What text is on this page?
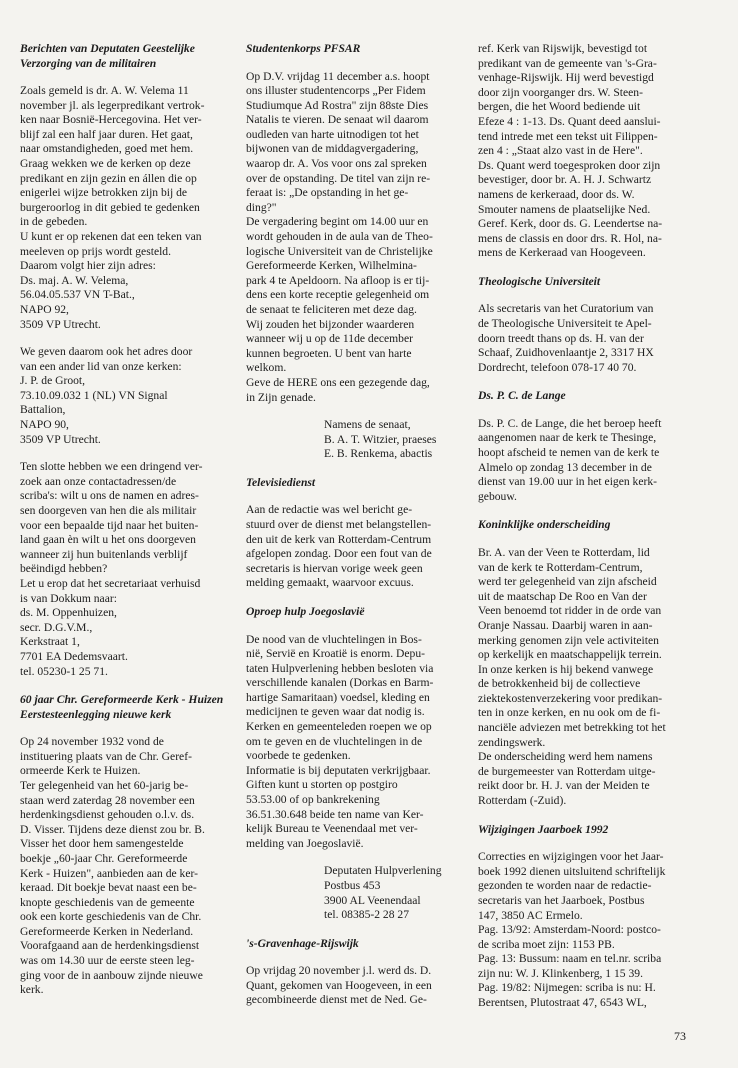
Berichten van Deputaten Geestelijke Verzorging van de militairen

Zoals gemeld is dr. A. W. Velema 11
november jl. als legerpredikant vertrok-
ken naar Bosnië-Hercegovina. Het ver-
blijf zal een half jaar duren. Het gaat,
naar omstandigheden, goed met hem.
Graag wekken we de kerken op deze
predikant en zijn gezin en állen die op
enigerlei wijze betrokken zijn bij de
burgeroorlog in dit gebied te gedenken
in de gebeden.
U kunt er op rekenen dat een teken van
meeleven op prijs wordt gesteld.
Daarom volgt hier zijn adres:
Ds. maj. A. W. Velema,
56.04.05.537 VN T-Bat.,
NAPO 92,
3509 VP Utrecht.

We geven daarom ook het adres door
van een ander lid van onze kerken:
J. P. de Groot,
73.10.09.032 1 (NL) VN Signal
Battalion,
NAPO 90,
3509 VP Utrecht.

Ten slotte hebben we een dringend ver-
zoek aan onze contactadressen/de
scriba's: wilt u ons de namen en adres-
sen doorgeven van hen die als militair
voor een bepaalde tijd naar het buiten-
land gaan èn wilt u het ons doorgeven
wanneer zij hun buitenlands verblijf
beëindigd hebben?
Let u erop dat het secretariaat verhuisd
is van Dokkum naar:
ds. M. Oppenhuizen,
secr. D.G.V.M.,
Kerkstraat 1,
7701 EA Dedemsvaart.
tel. 05230-1 25 71.

60 jaar Chr. Gereformeerde Kerk - Huizen Eerstesteenlegging nieuwe kerk

Op 24 november 1932 vond de
instituering plaats van de Chr. Geref-
ormeerde Kerk te Huizen.
Ter gelegenheid van het 60-jarig be-
staan werd zaterdag 28 november een
herdenkingsdienst gehouden o.l.v. ds.
D. Visser. Tijdens deze dienst zou br. B.
Visser het door hem samengestelde
boekje „60-jaar Chr. Gereformeerde
Kerk - Huizen", aanbieden aan de ker-
keraad. Dit boekje bevat naast een be-
knopte geschiedenis van de gemeente
ook een korte geschiedenis van de Chr.
Gereformeerde Kerken in Nederland.
Voorafgaand aan de herdenkingsdienst
was om 14.30 uur de eerste steen leg-
ging voor de in aanbouw zijnde nieuwe
kerk.

Studentenkorps PFSAR

Op D.V. vrijdag 11 december a.s. hoopt
ons illuster studentencorps „Per Fidem
Studiumque Ad Rostra" zijn 88ste Dies
Natalis te vieren. De senaat wil daarom
oudleden van harte uitnodigen tot het
bijwonen van de middagvergadering,
waarop dr. A. Vos voor ons zal spreken
over de opstanding. De titel van zijn re-
feraat is: „De opstanding in het ge-
ding?"
De vergadering begint om 14.00 uur en
wordt gehouden in de aula van de Theo-
logische Universiteit van de Christelijke
Gereformeerde Kerken, Wilhelmina-
park 4 te Apeldoorn. Na afloop is er tij-
dens een korte receptie gelegenheid om
de senaat te feliciteren met deze dag.
Wij zouden het bijzonder waarderen
wanneer wij u op de 11de december
kunnen begroeten. U bent van harte
welkom.
Geve de HERE ons een gezegende dag,
in Zijn genade.

Namens de senaat,
B. A. T. Witzier, praeses
E. B. Renkema, abactis

Televisiedienst

Aan de redactie was wel bericht ge-
stuurd over de dienst met belangstellen-
den uit de kerk van Rotterdam-Centrum
afgelopen zondag. Door een fout van de
secretaris is hiervan vorige week geen
melding gemaakt, waarvoor excuus.

Oproep hulp Joegoslavië

De nood van de vluchtelingen in Bos-
nië, Servië en Kroatië is enorm. Depu-
taten Hulpverlening hebben besloten via
verschillende kanalen (Dorkas en Barm-
hartige Samaritaan) voedsel, kleding en
medicijnen te geven waar dat nodig is.
Kerken en gemeenteleden roepen we op
om te geven en de vluchtelingen in de
voorbede te gedenken.
Informatie is bij deputaten verkrijgbaar.
Giften kunt u storten op postgiro
53.53.00 of op bankrekening
36.51.30.648 beide ten name van Ker-
kelijk Bureau te Veenendaal met ver-
melding van Joegoslavië.

Deputaten Hulpverlening
Postbus 453
3900 AL Veenendaal
tel. 08385-2 28 27

's-Gravenhage-Rijswijk

Op vrijdag 20 november j.l. werd ds. D.
Quant, gekomen van Hoogeveen, in een
gecombineerde dienst met de Ned. Ge-

ref. Kerk van Rijswijk, bevestigd tot
predikant van de gemeente van 's-Gra-
venhage-Rijswijk. Hij werd bevestigd
door zijn voorganger drs. W. Steen-
bergen, die het Woord bediende uit
Efeze 4 : 1-13. Ds. Quant deed aanslui-
tend intrede met een tekst uit Filippen-
zen 4 : „Staat alzo vast in de Here".
Ds. Quant werd toegesproken door zijn
bevestiger, door br. A. H. J. Schwartz
namens de kerkeraad, door ds. W.
Smouter namens de plaatselijke Ned.
Geref. Kerk, door ds. G. Leendertse na-
mens de classis en door drs. R. Hol, na-
mens de Kerkeraad van Hoogeveen.

Theologische Universiteit

Als secretaris van het Curatorium van
de Theologische Universiteit te Apel-
doorn treedt thans op ds. H. van der
Schaaf, Zuidhovenlaantje 2, 3317 HX
Dordrecht, telefoon 078-17 40 70.

Ds. P. C. de Lange

Ds. P. C. de Lange, die het beroep heeft
aangenomen naar de kerk te Thesinge,
hoopt afscheid te nemen van de kerk te
Almelo op zondag 13 december in de
dienst van 19.00 uur in het eigen kerk-
gebouw.

Koninklijke onderscheiding

Br. A. van der Veen te Rotterdam, lid
van de kerk te Rotterdam-Centrum,
werd ter gelegenheid van zijn afscheid
uit de maatschap De Roo en Van der
Veen benoemd tot ridder in de orde van
Oranje Nassau. Daarbij waren in aan-
merking genomen zijn vele activiteiten
op kerkelijk en maatschappelijk terrein.
In onze kerken is hij bekend vanwege
de betrokkenheid bij de collectieve
ziektekostenverzekering voor predikan-
ten in onze kerken, en nu ook om de fi-
nanciële adviezen met betrekking tot het
zendingswerk.
De onderscheiding werd hem namens
de burgemeester van Rotterdam uitge-
reikt door br. H. J. van der Meiden te
Rotterdam (-Zuid).

Wijzigingen Jaarboek 1992

Correcties en wijzigingen voor het Jaar-
boek 1992 dienen uitsluitend schriftelijk
gezonden te worden naar de redactie-
secretaris van het Jaarboek, Postbus
147, 3850 AC Ermelo.
Pag. 13/92: Amsterdam-Noord: postco-
de scriba moet zijn: 1153 PB.
Pag. 13: Bussum: naam en tel.nr. scriba
zijn nu: W. J. Klinkenberg, 1 15 39.
Pag. 19/82: Nijmegen: scriba is nu: H.
Berentsen, Plutostraat 47, 6543 WL,

73
